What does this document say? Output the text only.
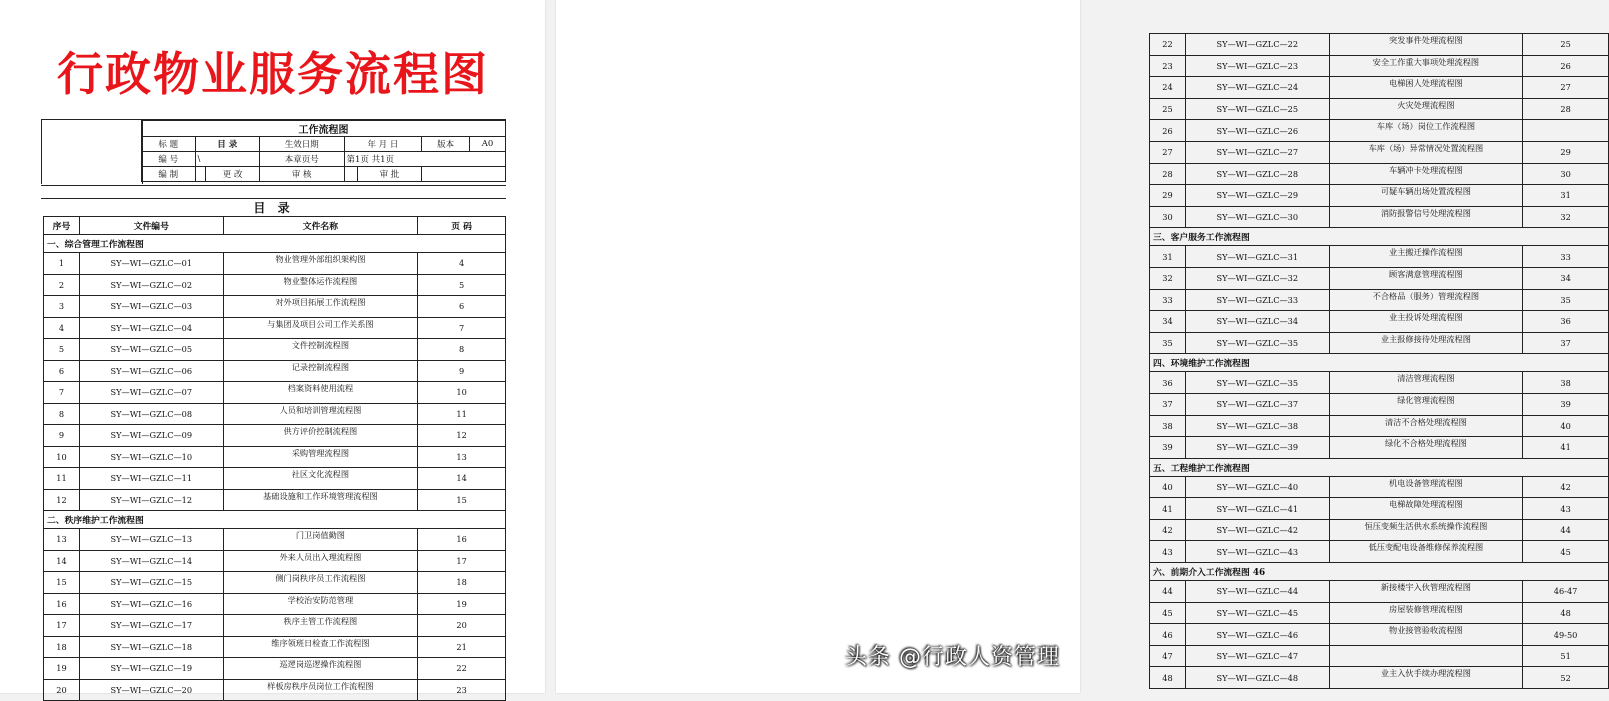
行政物业服务流程图
工作流程图							
标 题	目 录		生效日期	年 月 日		版本	A0
编 号	\		本章页号	第1页 共1页			
编 制		更 改	审 核		审 批		
目 录
序号	文件编号	文件名称	页 码
一、综合管理工作流程图			
1	SY—WI—GZLC—01	物业管理外部组织架构图	4
2	SY—WI—GZLC—02	物业整体运作流程图	5
3	SY—WI—GZLC—03	对外项目拓展工作流程图	6
4	SY—WI—GZLC—04	与集团及项目公司工作关系图	7
5	SY—WI—GZLC—05	文件控制流程图	8
6	SY—WI—GZLC—06	记录控制流程图	9
7	SY—WI—GZLC—07	档案资料使用流程	10
8	SY—WI—GZLC—08	人员和培训管理流程图	11
9	SY—WI—GZLC—09	供方评价控制流程图	12
10	SY—WI—GZLC—10	采购管理流程图	13
11	SY—WI—GZLC—11	社区文化流程图	14
12	SY—WI—GZLC—12	基础设施和工作环境管理流程图	15
二、秩序维护工作流程图			
13	SY—WI—GZLC—13	门卫岗值勤图	16
14	SY—WI—GZLC—14	外来人员出入理流程图	17
15	SY—WI—GZLC—15	侧门岗秩序员工作流程图	18
16	SY—WI—GZLC—16	学校治安防范管理	19
17	SY—WI—GZLC—17	秩序主管工作流程图	20
18	SY—WI—GZLC—18	维序领班日检查工作流程图	21
19	SY—WI—GZLC—19	巡逻岗巡逻操作流程图	22
20	SY—WI—GZLC—20	样板房秩序员岗位工作流程图	23
22	SY—WI—GZLC—22	突发事件处理流程图	25
23	SY—WI—GZLC—23	安全工作重大事项处理流程图	26
24	SY—WI—GZLC—24	电梯困人处理流程图	27
25	SY—WI—GZLC—25	火灾处理流程图	28
26	SY—WI—GZLC—26	车库（场）岗位工作流程图	
27	SY—WI—GZLC—27	车库（场）异常情况处置流程图	29
28	SY—WI—GZLC—28	车辆冲卡处理流程图	30
29	SY—WI—GZLC—29	可疑车辆出场处置流程图	31
30	SY—WI—GZLC—30	消防报警信号处理流程图	32
三、客户服务工作流程图			
31	SY—WI—GZLC—31	业主搬迁操作流程图	33
32	SY—WI—GZLC—32	顾客满意管理流程图	34
33	SY—WI—GZLC—33	不合格品（服务）管理流程图	35
34	SY—WI—GZLC—34	业主投诉处理流程图	36
35	SY—WI—GZLC—35	业主报修接待处理流程图	37
四、环境维护工作流程图			
36	SY—WI—GZLC—35	清洁管理流程图	38
37	SY—WI—GZLC—37	绿化管理流程图	39
38	SY—WI—GZLC—38	清洁不合格处理流程图	40
39	SY—WI—GZLC—39	绿化不合格处理流程图	41
五、工程维护工作流程图			
40	SY—WI—GZLC—40	机电设备管理流程图	42
41	SY—WI—GZLC—41	电梯故障处理流程图	43
42	SY—WI—GZLC—42	恒压变频生活供水系统操作流程图	44
43	SY—WI—GZLC—43	低压变配电设备维修保养流程图	45
六、前期介入工作流程图 46			
44	SY—WI—GZLC—44	新接楼宇入伙管理流程图	46-47
45	SY—WI—GZLC—45	房屋装修管理流程图	48
46	SY—WI—GZLC—46	物业接管验收流程图	49-50
47	SY—WI—GZLC—47		51
48	SY—WI—GZLC—48	业主入伙手续办理流程图	52
头条 @行政人资管理
